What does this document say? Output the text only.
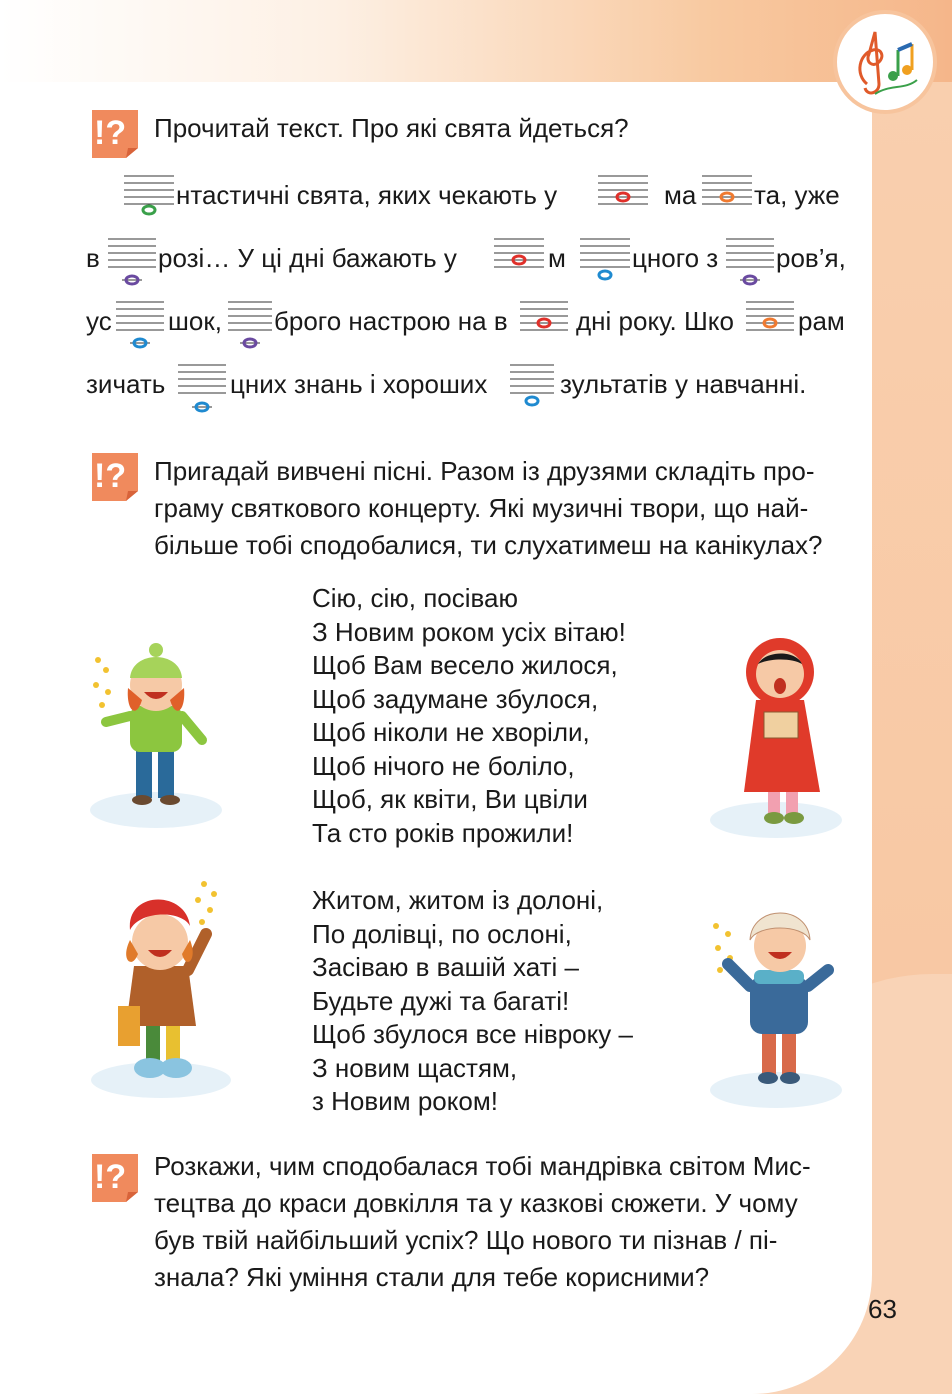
!?
!?
!?
Прочитай текст. Про які свята йдеться?
нтастичні свята, яких чекають у	ма та, уже
в розі… У ці дні бажають у	м	цного з ров’я,
ус шок, брого настрою на в	дні року. Шко рам
зичать цних знань і хороших	зультатів у навчанні.
Пригадай вивчені пісні. Разом із друзями складіть про-
граму святкового концерту. Які музичні твори, що най-
більше тобі сподобалися, ти слухатимеш на канікулах?
Сію, сію, посіваю
З Новим роком усіх вітаю!
Щоб Вам весело жилося,
Щоб задумане збулося,
Щоб ніколи не хворіли,
Щоб нічого не боліло,
Щоб, як квіти, Ви цвіли
Та сто років прожили!
Житом, житом із долоні,
По долівці, по ослоні,
Засіваю в вашій хаті –
Будьте дужі та багаті!
Щоб збулося все нівроку –
З новим щастям,
з Новим роком!
Розкажи, чим сподобалася тобі мандрівка світом Мис-
тецтва до краси довкілля та у казкові сюжети. У чому
був твій найбільший успіх? Що нового ти пізнав / пі-
знала? Які уміння стали для тебе корисними?
63
